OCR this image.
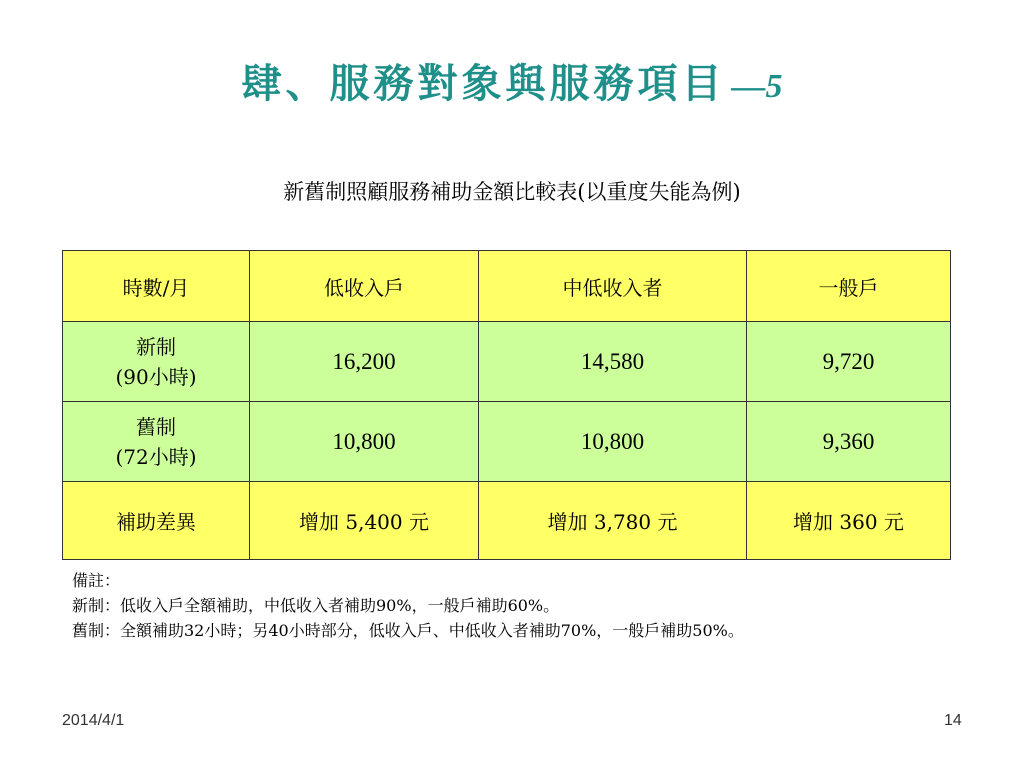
肆、服務對象與服務項目 —5
新舊制照顧服務補助金額比較表(以重度失能為例)
時數/月	低收入戶	中低收入者	一般戶

新制
(90小時)	16,200	14,580	9,720

舊制
(72小時)	10,800	10,800	9,360
補助差異	增加 5,400 元	增加 3,780 元	增加 360 元
備註：
新制：低收入戶全額補助，中低收入者補助90%，一般戶補助60%。
舊制：全額補助32小時；另40小時部分，低收入戶、中低收入者補助70%，一般戶補助50%。
2014/4/1	14
